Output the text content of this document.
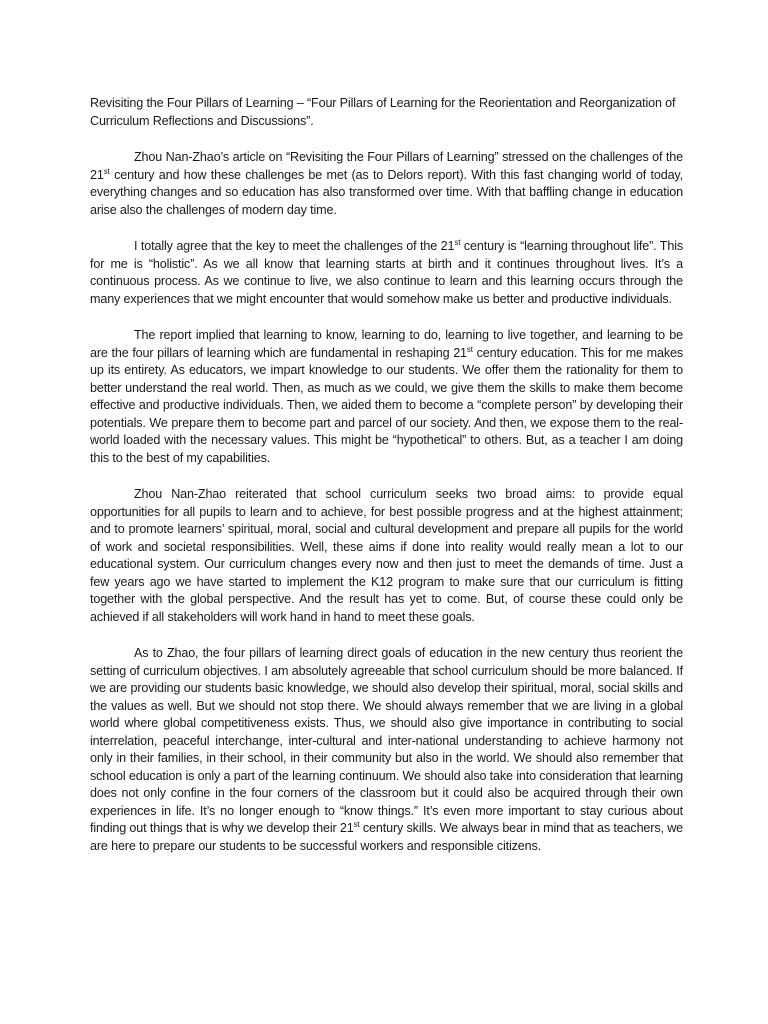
Revisiting the Four Pillars of Learning – “Four Pillars of Learning for the Reorientation and Reorganization of Curriculum Reflections and Discussions”.

Zhou Nan-Zhao’s article on “Revisiting the Four Pillars of Learning” stressed on the challenges of the 21st century and how these challenges be met (as to Delors report). With this fast changing world of today, everything changes and so education has also transformed over time. With that baffling change in education arise also the challenges of modern day time.

I totally agree that the key to meet the challenges of the 21st century is “learning throughout life”. This for me is “holistic”. As we all know that learning starts at birth and it continues throughout lives. It’s a continuous process. As we continue to live, we also continue to learn and this learning occurs through the many experiences that we might encounter that would somehow make us better and productive individuals.

The report implied that learning to know, learning to do, learning to live together, and learning to be are the four pillars of learning which are fundamental in reshaping 21st century education. This for me makes up its entirety. As educators, we impart knowledge to our students. We offer them the rationality for them to better understand the real world. Then, as much as we could, we give them the skills to make them become effective and productive individuals. Then, we aided them to become a “complete person” by developing their potentials. We prepare them to become part and parcel of our society. And then, we expose them to the real-world loaded with the necessary values. This might be “hypothetical” to others. But, as a teacher I am doing this to the best of my capabilities.

Zhou Nan-Zhao reiterated that school curriculum seeks two broad aims: to provide equal opportunities for all pupils to learn and to achieve, for best possible progress and at the highest attainment; and to promote learners’ spiritual, moral, social and cultural development and prepare all pupils for the world of work and societal responsibilities. Well, these aims if done into reality would really mean a lot to our educational system. Our curriculum changes every now and then just to meet the demands of time. Just a few years ago we have started to implement the K12 program to make sure that our curriculum is fitting together with the global perspective. And the result has yet to come. But, of course these could only be achieved if all stakeholders will work hand in hand to meet these goals.

As to Zhao, the four pillars of learning direct goals of education in the new century thus reorient the setting of curriculum objectives. I am absolutely agreeable that school curriculum should be more balanced. If we are providing our students basic knowledge, we should also develop their spiritual, moral, social skills and the values as well. But we should not stop there. We should always remember that we are living in a global world where global competitiveness exists. Thus, we should also give importance in contributing to social interrelation, peaceful interchange, inter-cultural and inter-national understanding to achieve harmony not only in their families, in their school, in their community but also in the world. We should also remember that school education is only a part of the learning continuum. We should also take into consideration that learning does not only confine in the four corners of the classroom but it could also be acquired through their own experiences in life. It’s no longer enough to “know things.” It’s even more important to stay curious about finding out things that is why we develop their 21st century skills. We always bear in mind that as teachers, we are here to prepare our students to be successful workers and responsible citizens.
